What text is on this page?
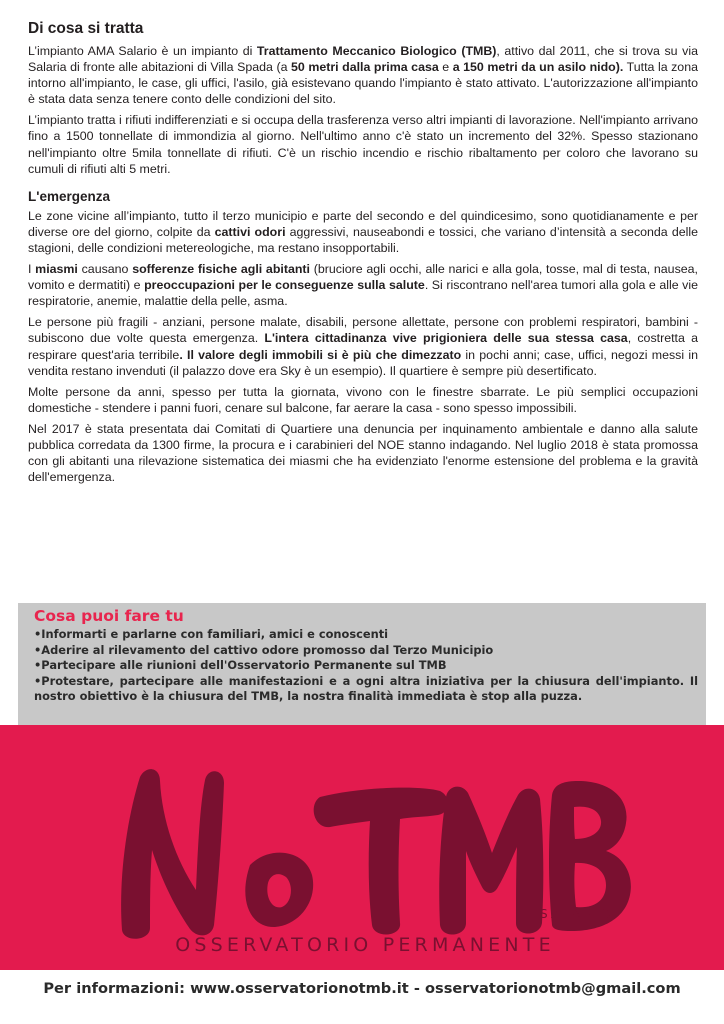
Di cosa si tratta

L’impianto AMA Salario è un impianto di Trattamento Meccanico Biologico (TMB), attivo dal 2011, che si trova su via Salaria di fronte alle abitazioni di Villa Spada (a 50 metri dalla prima casa e a 150 metri da un asilo nido). Tutta la zona intorno all'impianto, le case, gli uffici, l'asilo, già esistevano quando l'impianto è stato attivato. L'autorizzazione all'impianto è stata data senza tenere conto delle condizioni del sito.

L’impianto tratta i rifiuti indifferenziati e si occupa della trasferenza verso altri impianti di lavorazione. Nell'impianto arrivano fino a 1500 tonnellate di immondizia al giorno. Nell'ultimo anno c'è stato un incremento del 32%. Spesso stazionano nell'impianto oltre 5mila tonnellate di rifiuti. C'è un rischio incendio e rischio ribaltamento per coloro che lavorano su cumuli di rifiuti alti 5 metri.

L'emergenza

Le zone vicine all’impianto, tutto il terzo municipio e parte del secondo e del quindicesimo, sono quotidianamente e per diverse ore del giorno, colpite da cattivi odori aggressivi, nauseabondi e tossici, che variano d’intensità a seconda delle stagioni, delle condizioni metereologiche, ma restano insopportabili.

I miasmi causano sofferenze fisiche agli abitanti (bruciore agli occhi, alle narici e alla gola, tosse, mal di testa, nausea, vomito e dermatiti) e preoccupazioni per le conseguenze sulla salute. Si riscontrano nell'area tumori alla gola e alle vie respiratorie, anemie, malattie della pelle, asma.

Le persone più fragili - anziani, persone malate, disabili, persone allettate, persone con problemi respiratori, bambini - subiscono due volte questa emergenza. L'intera cittadinanza vive prigioniera delle sua stessa casa, costretta a respirare quest'aria terribile. Il valore degli immobili si è più che dimezzato in pochi anni; case, uffici, negozi messi in vendita restano invenduti (il palazzo dove era Sky è un esempio). Il quartiere è sempre più desertificato.

Molte persone da anni, spesso per tutta la giornata, vivono con le finestre sbarrate. Le più semplici occupazioni domestiche - stendere i panni fuori, cenare sul balcone, far aerare la casa - sono spesso impossibili.

Nel 2017 è stata presentata dai Comitati di Quartiere una denuncia per inquinamento ambientale e danno alla salute pubblica corredata da 1300 firme, la procura e i carabinieri del NOE stanno indagando. Nel luglio 2018 è stata promossa con gli abitanti una rilevazione sistematica dei miasmi che ha evidenziato l'enorme estensione del problema e la gravità dell'emergenza.

Cosa puoi fare tu
•Informarti e parlarne con familiari, amici e conoscenti
•Aderire al rilevamento del cattivo odore promosso dal Terzo Municipio
•Partecipare alle riunioni dell'Osservatorio Permanente sul TMB
•Protestare, partecipare alle manifestazioni e a ogni altra iniziativa per la chiusura dell'impianto. Il nostro obiettivo è la chiusura del TMB, la nostra finalità immediata è stop alla puzza.
SALARIO
OSSERVATORIO PERMANENTE
Per informazioni: www.osservatorionotmb.it - osservatorionotmb@gmail.com
